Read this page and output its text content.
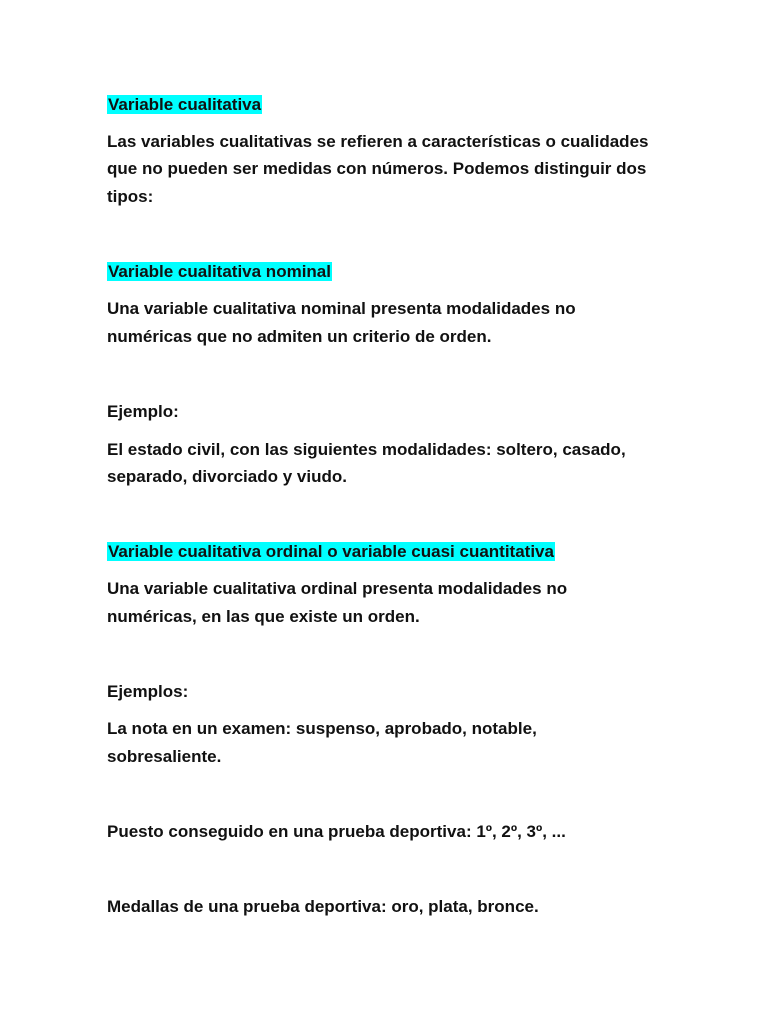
Variable cualitativa
Las variables cualitativas se refieren a características o cualidades
que no pueden ser medidas con números. Podemos distinguir dos
tipos:
Variable cualitativa nominal
Una variable cualitativa nominal presenta modalidades no
numéricas que no admiten un criterio de orden.
Ejemplo:
El estado civil, con las siguientes modalidades: soltero, casado,
separado, divorciado y viudo.
Variable cualitativa ordinal o variable cuasi cuantitativa
Una variable cualitativa ordinal presenta modalidades no
numéricas, en las que existe un orden.
Ejemplos:
La nota en un examen: suspenso, aprobado, notable,
sobresaliente.
Puesto conseguido en una prueba deportiva: 1º, 2º, 3º, ...
Medallas de una prueba deportiva: oro, plata, bronce.
